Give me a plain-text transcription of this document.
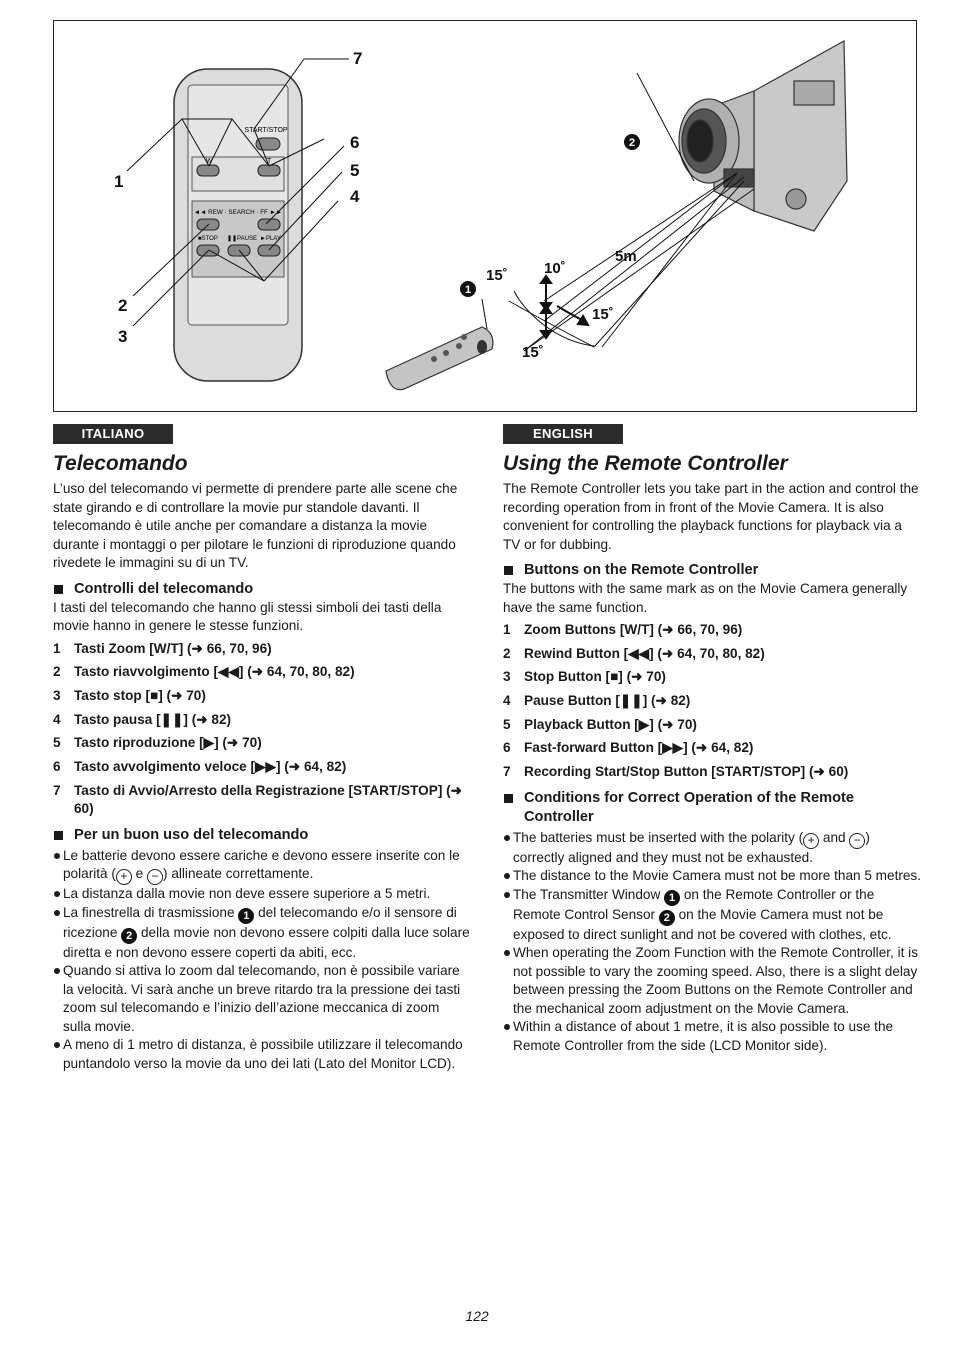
START/STOP
W	T
◄◄ REW · SEARCH · FF ►►
■STOP ❚❚PAUSE ►PLAY
1
2
3
4
5
6
7
15˚ 10˚
5m
15˚
15˚
1
2
ITALIANO
Telecomando

L’uso del telecomando vi permette di prendere parte alle scene che state girando e di controllare la movie pur standole davanti. Il telecomando è utile anche per comandare a distanza la movie durante i montaggi o per pilotare le funzioni di riproduzione quando rivedete le immagini su di un TV.

Controlli del telecomando

I tasti del telecomando che hanno gli stessi simboli dei tasti della movie hanno in genere le stesse funzioni.

1 Tasti Zoom [W/T] (➜ 66, 70, 96)
2 Tasto riavvolgimento [◀◀] (➜ 64, 70, 80, 82)
3 Tasto stop [■] (➜ 70)
4 Tasto pausa [❚❚] (➜ 82)
5 Tasto riproduzione [▶] (➜ 70)
6 Tasto avvolgimento veloce [▶▶] (➜ 64, 82)
7 Tasto di Avvio/Arresto della Registrazione [START/STOP] (➜ 60)
Per un buon uso del telecomando
Le batterie devono essere cariche e devono essere inserite con le polarità ( + e − ) allineate correttamente.
La distanza dalla movie non deve essere superiore a 5 metri.
La finestrella di trasmissione 1 del telecomando e/o il sensore di ricezione 2 della movie non devono essere colpiti dalla luce solare diretta e non devono essere coperti da abiti, ecc.
Quando si attiva lo zoom dal telecomando, non è possibile variare la velocità. Vi sarà anche un breve ritardo tra la pressione dei tasti zoom sul telecomando e l’inizio dell’azione meccanica di zoom sulla movie.
A meno di 1 metro di distanza, è possibile utilizzare il telecomando puntandolo verso la movie da uno dei lati (Lato del Monitor LCD).
ENGLISH
Using the Remote Controller

The Remote Controller lets you take part in the action and control the recording operation from in front of the Movie Camera. It is also convenient for controlling the playback functions for playback via a TV or for dubbing.

Buttons on the Remote Controller

The buttons with the same mark as on the Movie Camera generally have the same function.

1 Zoom Buttons [W/T] (➜ 66, 70, 96)
2 Rewind Button [◀◀] (➜ 64, 70, 80, 82)
3 Stop Button [■] (➜ 70)
4 Pause Button [❚❚] (➜ 82)
5 Playback Button [▶] (➜ 70)
6 Fast-forward Button [▶▶] (➜ 64, 82)
7 Recording Start/Stop Button [START/STOP] (➜ 60)
Conditions for Correct Operation of the Remote Controller
The batteries must be inserted with the polarity ( + and − ) correctly aligned and they must not be exhausted.
The distance to the Movie Camera must not be more than 5 metres.
The Transmitter Window 1 on the Remote Controller or the Remote Control Sensor 2 on the Movie Camera must not be exposed to direct sunlight and not be covered with clothes, etc.
When operating the Zoom Function with the Remote Controller, it is not possible to vary the zooming speed. Also, there is a slight delay between pressing the Zoom Buttons on the Remote Controller and the mechanical zoom adjustment on the Movie Camera.
Within a distance of about 1 metre, it is also possible to use the Remote Controller from the side (LCD Monitor side).
122
